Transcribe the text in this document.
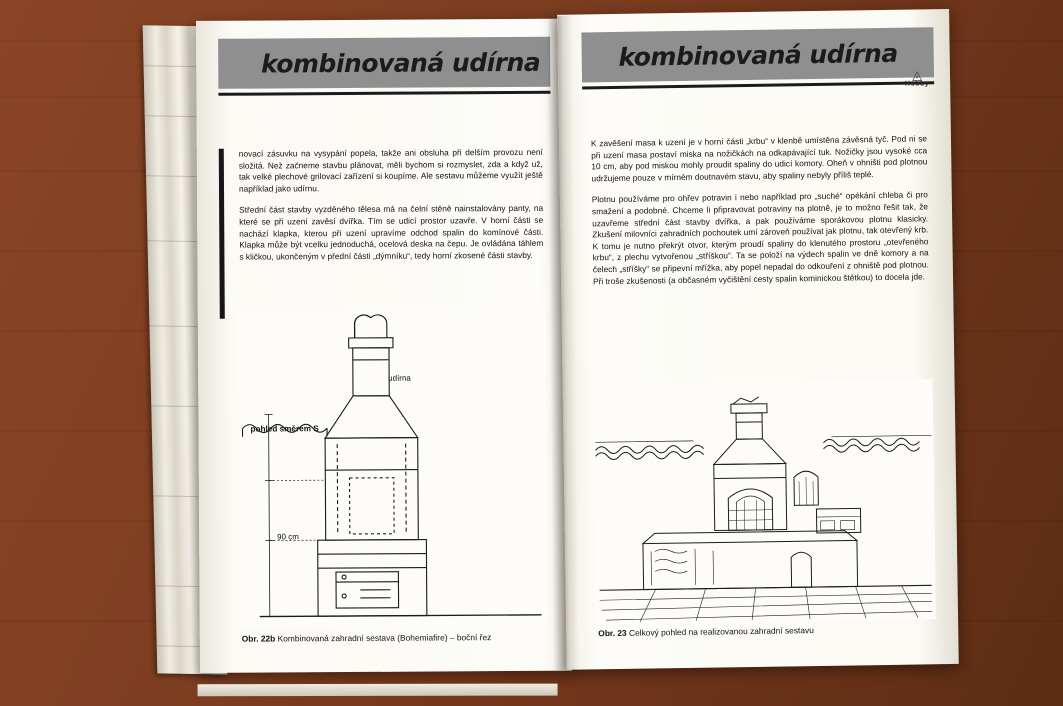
kombinovaná udírna

novací zásuvku na vysypání popela, takže ani obsluha při delším provozu není složitá. Než začneme stavbu plánovat, měli bychom si rozmyslet, zda a když už, tak velké plechové grilovací zařízení si koupíme. Ale sestavu můžeme využít ještě například jako udírnu.

Střední část stavby vyzděného tělesa má na čelní stěně nainstalovány panty, na které se při uzení zavěsí dvířka. Tím se udicí prostor uzavře. V horní části se nachází klapka, kterou při uzení upravíme odchod spalin do komínové části. Klapka může být vcelku jednoduchá, ocelová deska na čepu. Je ovládána táhlem s kličkou, ukončeným v přední části „dýmníku“, tedy horní zkosené části stavby.

udírna
pohled směrem S
90 cm
Obr. 22b Kombinovaná zahradní sestava (Bohemiafire) – boční řez
kombinovaná udírna
◬
Hobby

K zavěšení masa k uzení je v horní části „krbu“ v klenbě umístěna závěsná tyč. Pod ni se při uzení masa postaví miska na nožičkách na odkapávající tuk. Nožičky jsou vysoké cca 10 cm, aby pod miskou mohly proudit spaliny do udicí komory. Oheň v ohništi pod plotnou udržujeme pouze v mírném doutnavém stavu, aby spaliny nebyly příliš teplé.

Plotnu používáme pro ohřev potravin i nebo například pro „suché“ opékání chleba či pro smažení a podobné. Chceme li připravovat potraviny na plotně, je to možno řešit tak, že uzavřeme střední část stavby dvířka, a pak používáme sporákovou plotnu klasicky. Zkušení milovníci zahradních pochoutek umí zároveň používat jak plotnu, tak otevřený krb. K tomu je nutno překrýt otvor, kterým proudí spaliny do klenutého prostoru „otevřeného krbu“, z plechu vytvořenou „stříškou“. Ta se položí na výdech spalin ve dně komory a na čelech „stříšky“ se připevní mřížka, aby popel nepadal do odkouření z ohniště pod plotnou. Při troše zkušenosti (a občasném vyčištění cesty spalin kominickou štětkou) to docela jde.

Obr. 23 Celkový pohled na realizovanou zahradní sestavu
